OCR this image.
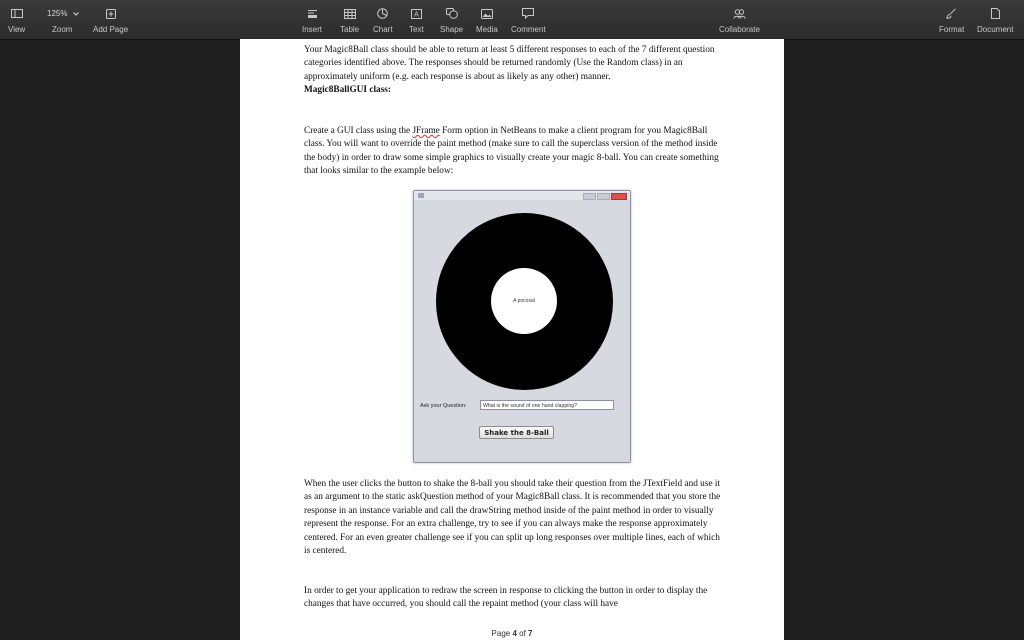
View
125%
Zoom	Add Page	Insert Table Chart
A
Text Shape Media Comment	Collaborate	Format Document

Your Magic8Ball class should be able to return at least 5 different responses to each of the 7 different question categories identified above. The responses should be returned randomly (Use the Random class) in an approximately uniform (e.g. each response is about as likely as any other) manner.

Magic8BallGUI class:

Create a GUI class using the JFrame Form option in NetBeans to make a client program for you Magic8Ball class. You will want to override the paint method (make sure to call the superclass version of the method inside the body) in order to draw some simple graphics to visually create your magic 8-ball. You can create something that looks similar to the example below:

A pocosal
Ask your Question:	What is the sound of one hand clapping?
Shake the 8-Ball

When the user clicks the button to shake the 8-ball you should take their question from the JTextField and use it as an argument to the static askQuestion method of your Magic8Ball class. It is recommended that you store the response in an instance variable and call the drawString method inside of the paint method in order to visually represent the response. For an extra challenge, try to see if you can always make the response approximately centered. For an even greater challenge see if you can split up long responses over multiple lines, each of which is centered.

In order to get your application to redraw the screen in response to clicking the button in order to display the changes that have occurred, you should call the repaint method (your class will have

Page 4 of 7
